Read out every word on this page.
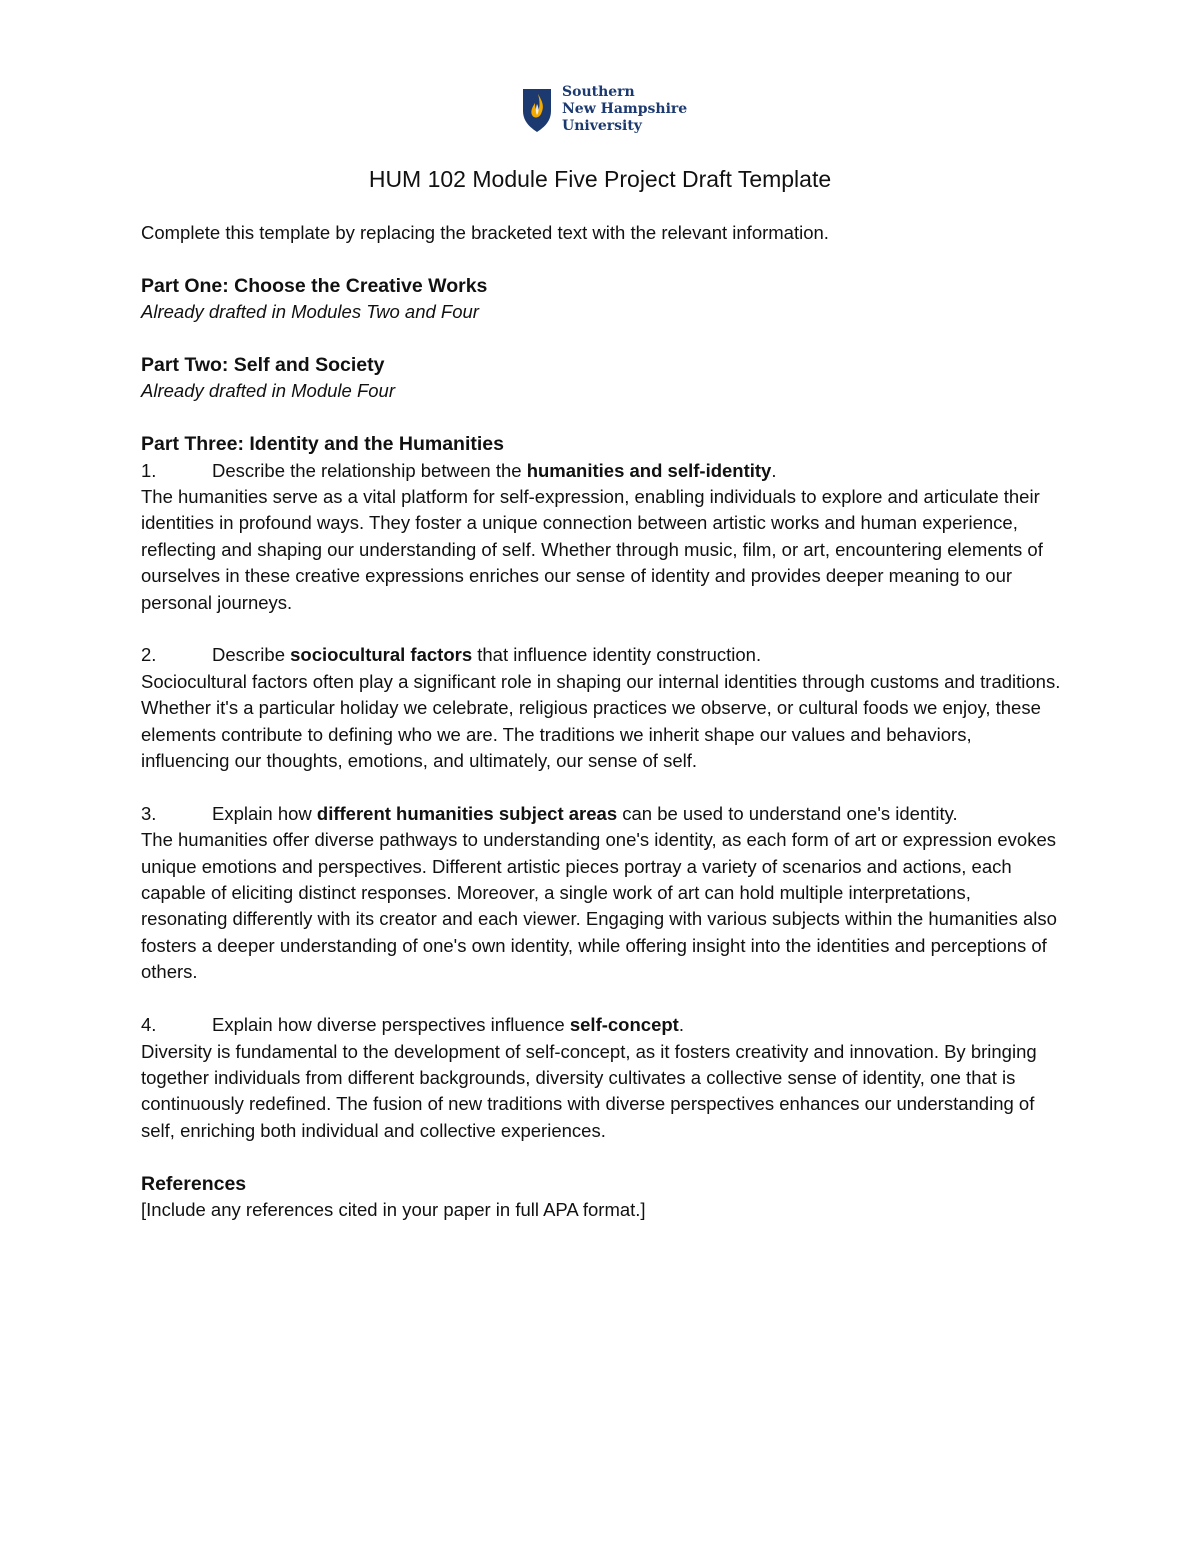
Southern
New Hampshire
University
HUM 102 Module Five Project Draft Template

Complete this template by replacing the bracketed text with the relevant information.

Part One: Choose the Creative Works

Already drafted in Modules Two and Four

Part Two: Self and Society

Already drafted in Module Four

Part Three: Identity and the Humanities

1.	Describe the relationship between the humanities and self-identity.

The humanities serve as a vital platform for self-expression, enabling individuals to explore and articulate their identities in profound ways. They foster a unique connection between artistic works and human experience, reflecting and shaping our understanding of self. Whether through music, film, or art, encountering elements of ourselves in these creative expressions enriches our sense of identity and provides deeper meaning to our personal journeys.

2.	Describe sociocultural factors that influence identity construction.

Sociocultural factors often play a significant role in shaping our internal identities through customs and traditions. Whether it's a particular holiday we celebrate, religious practices we observe, or cultural foods we enjoy, these elements contribute to defining who we are. The traditions we inherit shape our values and behaviors, influencing our thoughts, emotions, and ultimately, our sense of self.

3.	Explain how different humanities subject areas can be used to understand one's identity.

The humanities offer diverse pathways to understanding one's identity, as each form of art or expression evokes unique emotions and perspectives. Different artistic pieces portray a variety of scenarios and actions, each capable of eliciting distinct responses. Moreover, a single work of art can hold multiple interpretations, resonating differently with its creator and each viewer. Engaging with various subjects within the humanities also fosters a deeper understanding of one's own identity, while offering insight into the identities and perceptions of others.

4.	Explain how diverse perspectives influence self-concept.

Diversity is fundamental to the development of self-concept, as it fosters creativity and innovation. By bringing together individuals from different backgrounds, diversity cultivates a collective sense of identity, one that is continuously redefined. The fusion of new traditions with diverse perspectives enhances our understanding of self, enriching both individual and collective experiences.

References

[Include any references cited in your paper in full APA format.]
